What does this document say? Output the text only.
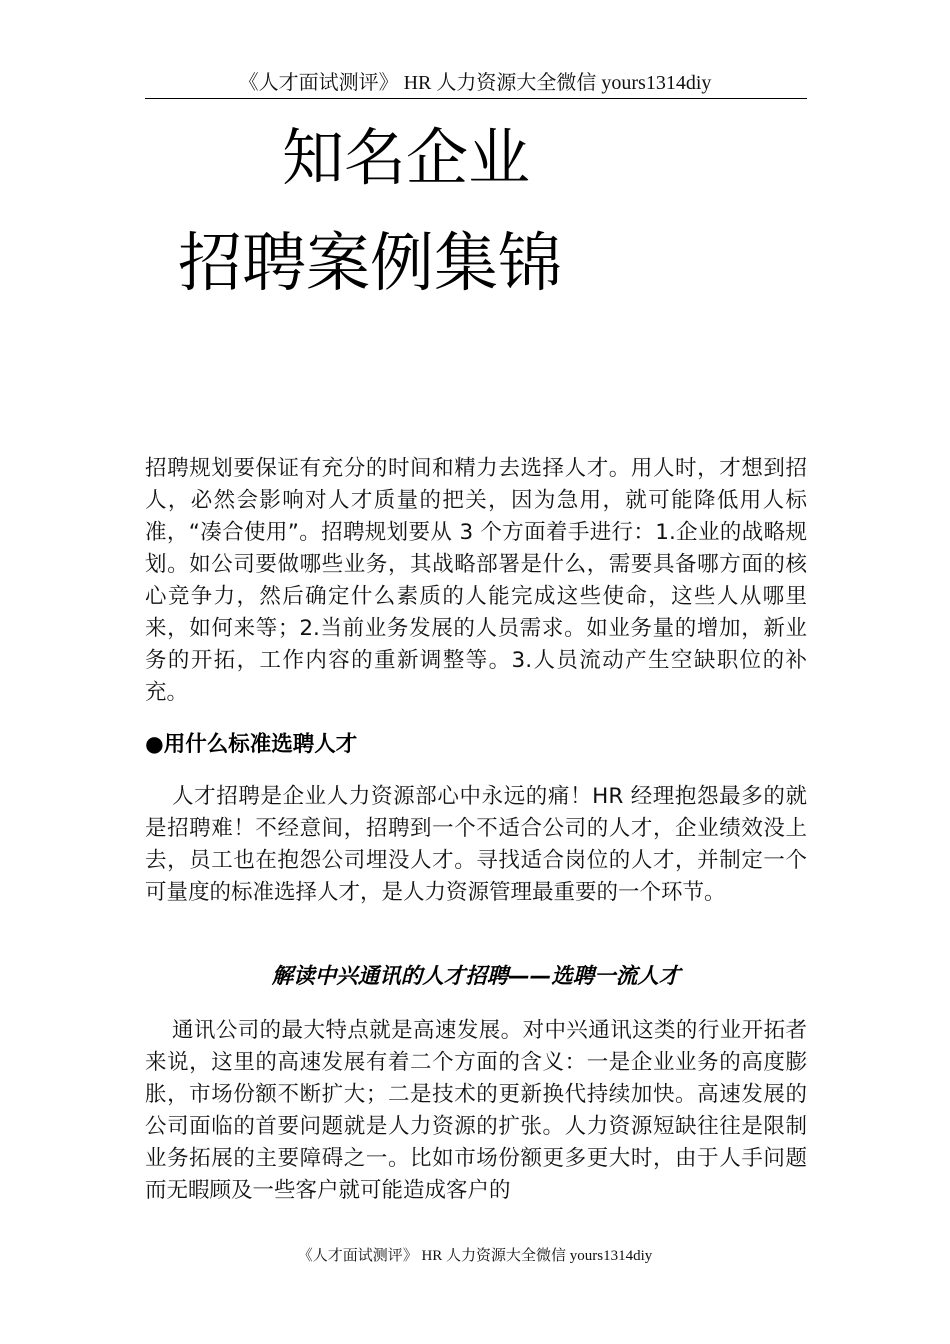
《人才面试测评》 HR 人力资源大全微信 yours1314diy
知名企业
招聘案例集锦

招聘规划要保证有充分的时间和精力去选择人才。用人时，才想到招人，必然会影响对人才质量的把关，因为急用，就可能降低用人标准，“凑合使用”。招聘规划要从 3 个方面着手进行：1.企业的战略规划。如公司要做哪些业务，其战略部署是什么，需要具备哪方面的核心竞争力，然后确定什么素质的人能完成这些使命，这些人从哪里来，如何来等；2.当前业务发展的人员需求。如业务量的增加，新业务的开拓，工作内容的重新调整等。3.人员流动产生空缺职位的补充。

●用什么标准选聘人才

人才招聘是企业人力资源部心中永远的痛！HR 经理抱怨最多的就是招聘难！不经意间，招聘到一个不适合公司的人才，企业绩效没上去，员工也在抱怨公司埋没人才。寻找适合岗位的人才，并制定一个可量度的标准选择人才，是人力资源管理最重要的一个环节。

解读中兴通讯的人才招聘——选聘一流人才

通讯公司的最大特点就是高速发展。对中兴通讯这类的行业开拓者来说，这里的高速发展有着二个方面的含义：一是企业业务的高度膨胀，市场份额不断扩大；二是技术的更新换代持续加快。高速发展的公司面临的首要问题就是人力资源的扩张。人力资源短缺往往是限制业务拓展的主要障碍之一。比如市场份额更多更大时，由于人手问题而无暇顾及一些客户就可能造成客户的

《人才面试测评》 HR 人力资源大全微信 yours1314diy
